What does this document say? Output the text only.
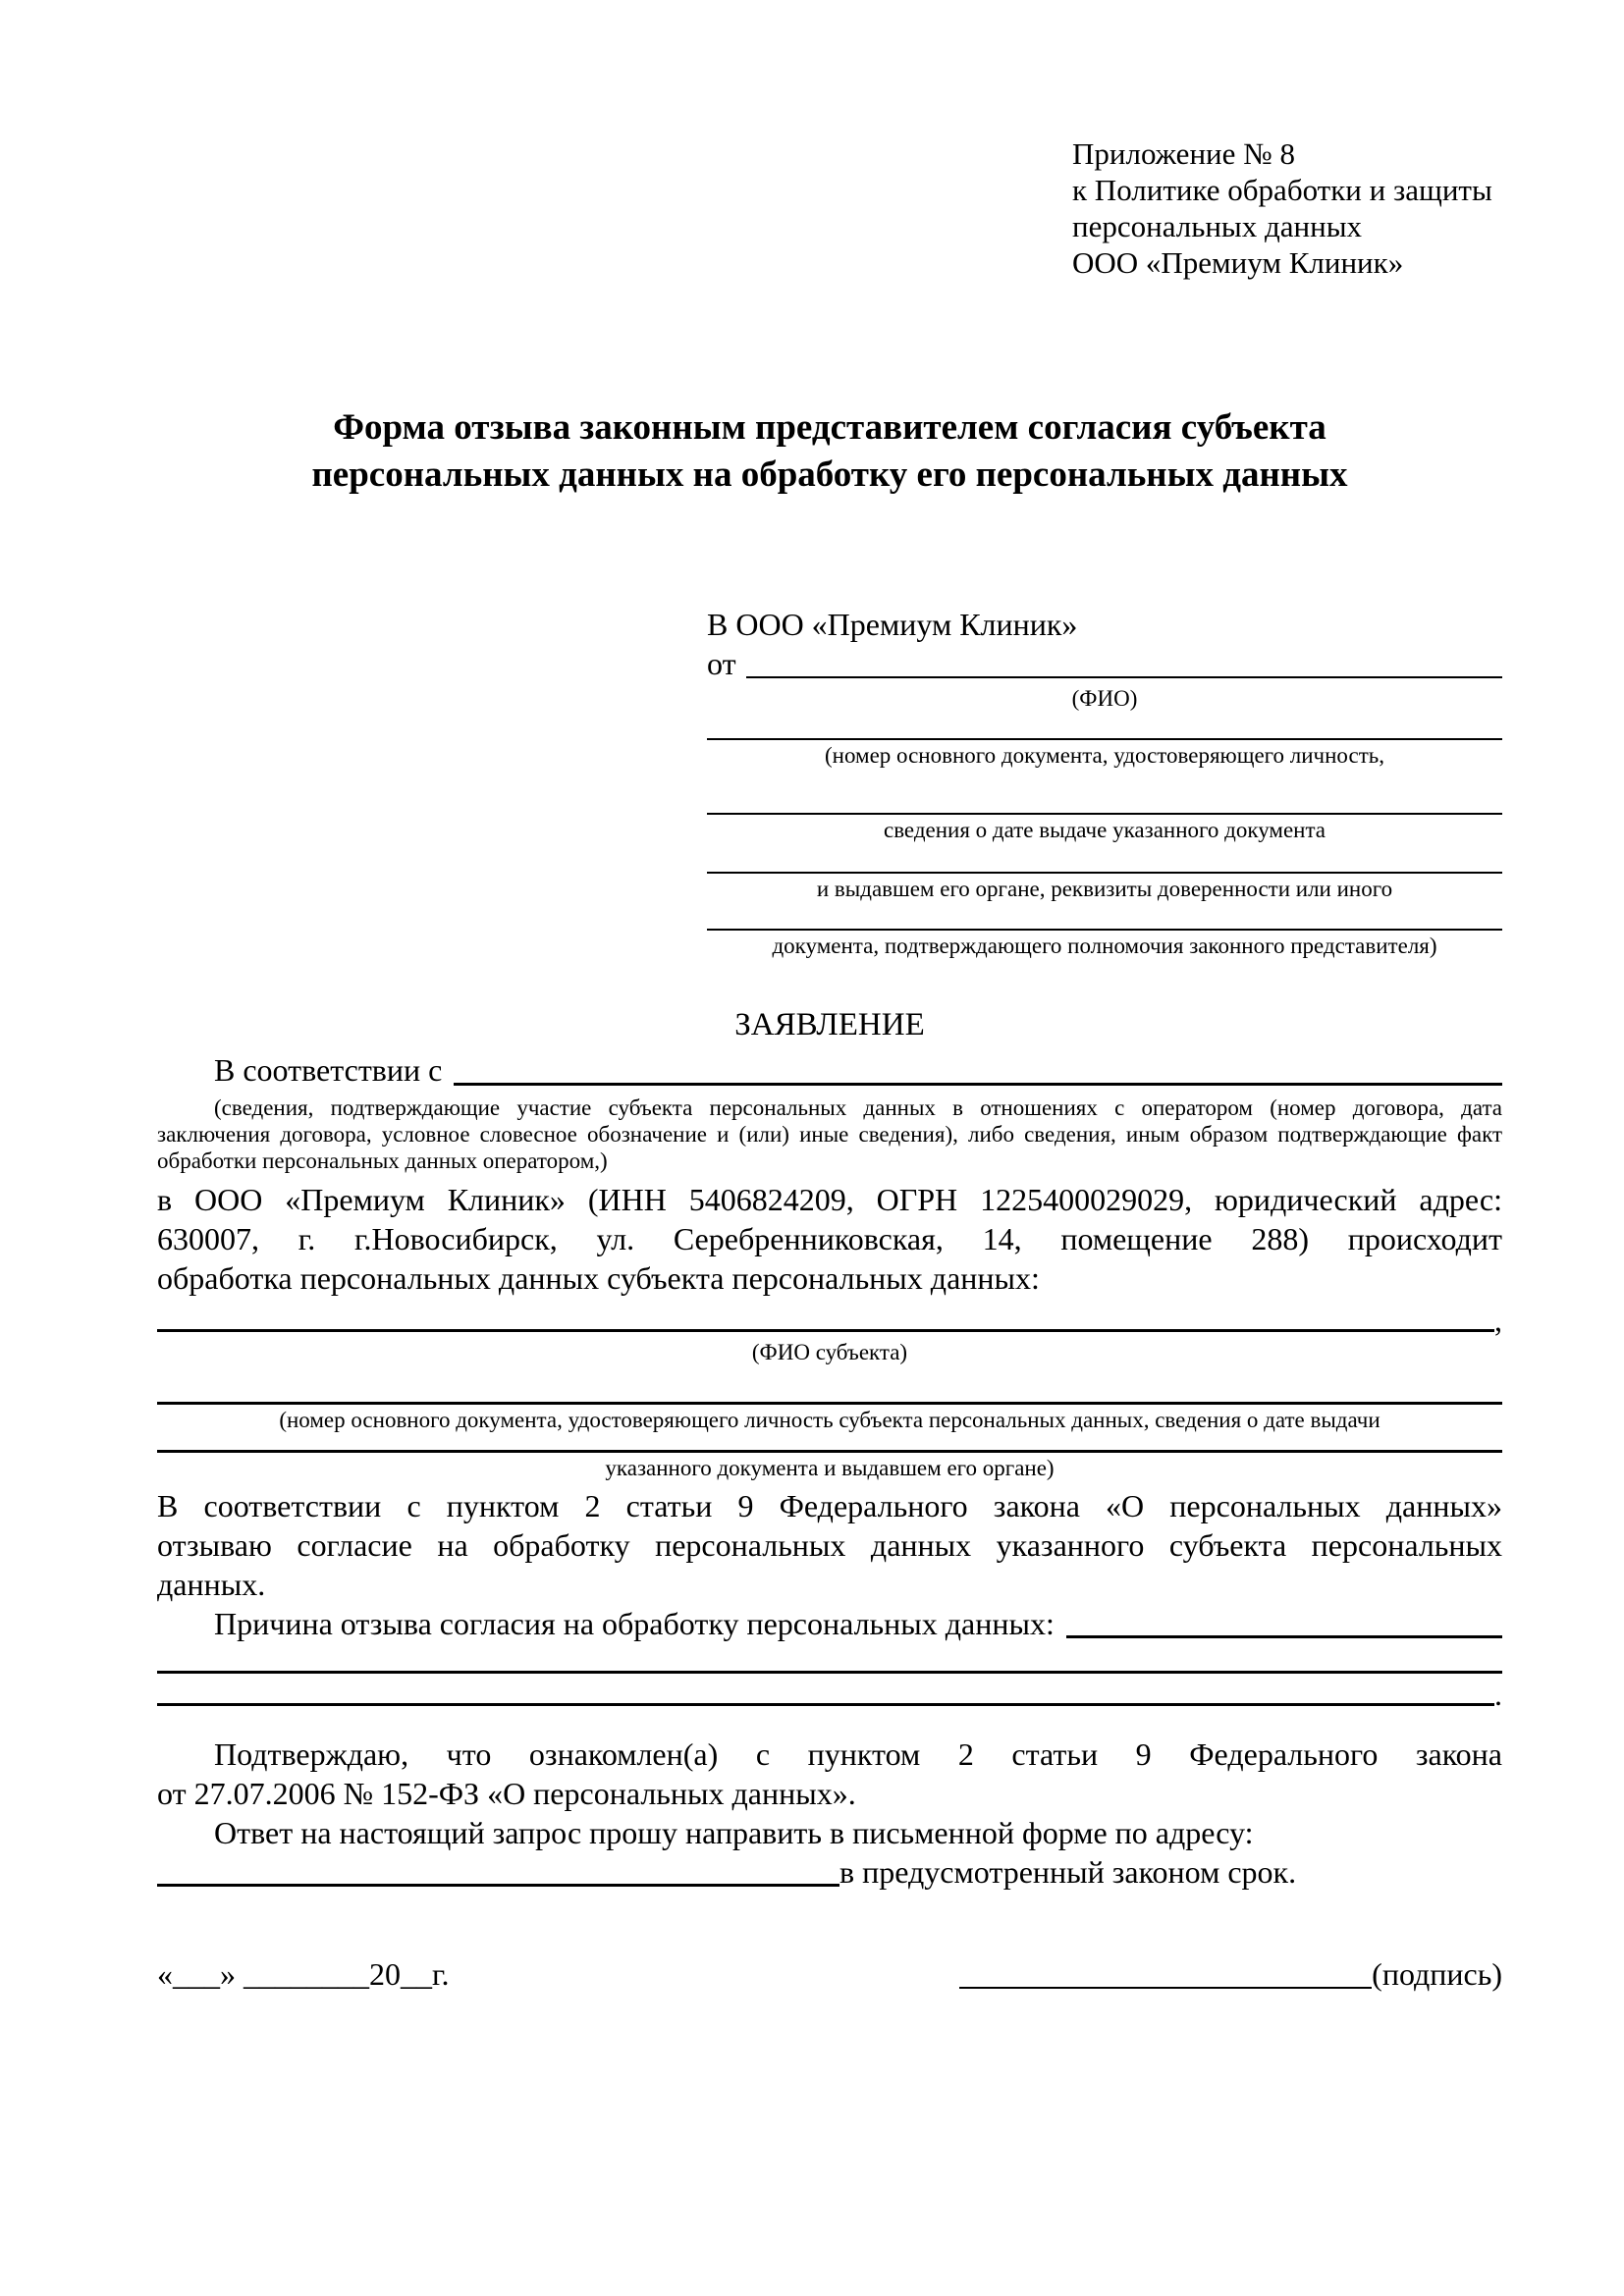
Приложение № 8
к Политике обработки и защиты
персональных данных
ООО «Премиум Клиник»
Форма отзыва законным представителем согласия субъекта персональных данных на обработку его персональных данных
В ООО «Премиум Клиник»
от
(ФИО)
(номер основного документа, удостоверяющего личность,
сведения о дате выдаче указанного документа
и выдавшем его органе, реквизиты доверенности или иного
документа, подтверждающего полномочия законного представителя)
ЗАЯВЛЕНИЕ
В соответствии с
(сведения, подтверждающие участие субъекта персональных данных в отношениях с оператором (номер договора, дата
заключения договора, условное словесное обозначение и (или) иные сведения), либо сведения, иным образом подтверждающие факт
обработки персональных данных оператором,)
в ООО «Премиум Клиник» (ИНН 5406824209, ОГРН 1225400029029, юридический адрес:
630007, г. г.Новосибирск, ул. Серебренниковская, 14, помещение 288) происходит
обработка персональных данных субъекта персональных данных:
,
(ФИО субъекта)
(номер основного документа, удостоверяющего личность субъекта персональных данных, сведения о дате выдачи
указанного документа и выдавшем его органе)
В соответствии с пунктом 2 статьи 9 Федерального закона «О персональных данных»
отзываю согласие на обработку персональных данных указанного субъекта персональных
данных.
Причина отзыва согласия на обработку персональных данных:
.
Подтверждаю, что ознакомлен(а) с пунктом 2 статьи 9 Федерального закона
от 27.07.2006 № 152-ФЗ «О персональных данных».
Ответ на настоящий запрос прошу направить в письменной форме по адресу:
в предусмотренный законом срок.
«___» ________20__г.	(подпись)
